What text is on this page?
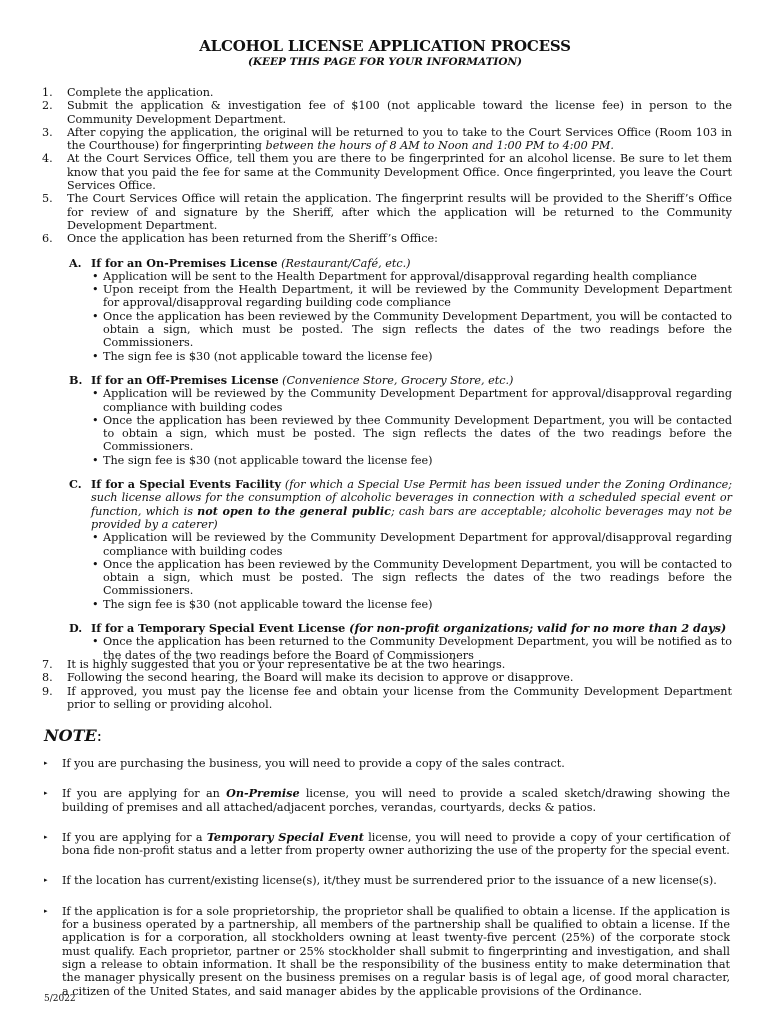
ALCOHOL LICENSE APPLICATION PROCESS
(KEEP THIS PAGE FOR YOUR INFORMATION)
1.	Complete the application.
2.	Submit the application & investigation fee of $100 (not applicable toward the license fee) in person to the Community Development Department.
3.	After copying the application, the original will be returned to you to take to the Court Services Office (Room 103 in the Courthouse) for fingerprinting between the hours of 8 AM to Noon and 1:00 PM to 4:00 PM.
4.	At the Court Services Office, tell them you are there to be fingerprinted for an alcohol license. Be sure to let them know that you paid the fee for same at the Community Development Office. Once fingerprinted, you leave the Court Services Office.
5.	The Court Services Office will retain the application. The fingerprint results will be provided to the Sheriff’s Office for review of and signature by the Sheriff, after which the application will be returned to the Community Development Department.
6.	Once the application has been returned from the Sheriff’s Office:
A. If for an On-Premises License (Restaurant/Café, etc.)
• Application will be sent to the Health Department for approval/disapproval regarding health compliance
• Upon receipt from the Health Department, it will be reviewed by the Community Development Department for approval/disapproval regarding building code compliance
• Once the application has been reviewed by the Community Development Department, you will be contacted to obtain a sign, which must be posted. The sign reflects the dates of the two readings before the Commissioners.
• The sign fee is $30 (not applicable toward the license fee)
B. If for an Off-Premises License (Convenience Store, Grocery Store, etc.)
• Application will be reviewed by the Community Development Department for approval/disapproval regarding compliance with building codes
• Once the application has been reviewed by thee Community Development Department, you will be contacted to obtain a sign, which must be posted. The sign reflects the dates of the two readings before the Commissioners.
• The sign fee is $30 (not applicable toward the license fee)
C. If for a Special Events Facility (for which a Special Use Permit has been issued under the Zoning Ordinance; such license allows for the consumption of alcoholic beverages in connection with a scheduled special event or function, which is not open to the general public; cash bars are acceptable; alcoholic beverages may not be provided by a caterer)
• Application will be reviewed by the Community Development Department for approval/disapproval regarding compliance with building codes
• Once the application has been reviewed by the Community Development Department, you will be contacted to obtain a sign, which must be posted. The sign reflects the dates of the two readings before the Commissioners.
• The sign fee is $30 (not applicable toward the license fee)
D. If for a Temporary Special Event License (for non-profit organizations; valid for no more than 2 days)
• Once the application has been returned to the Community Development Department, you will be notified as to the dates of the two readings before the Board of Commissioners
7.	It is highly suggested that you or your representative be at the two hearings.
8.	Following the second hearing, the Board will make its decision to approve or disapprove.
9.	If approved, you must pay the license fee and obtain your license from the Community Development Department prior to selling or providing alcohol.
NOTE:
▸	If you are purchasing the business, you will need to provide a copy of the sales contract.
▸	If you are applying for an On-Premise license, you will need to provide a scaled sketch/drawing showing the building of premises and all attached/adjacent porches, verandas, courtyards, decks & patios.
▸	If you are applying for a Temporary Special Event license, you will need to provide a copy of your certification of bona fide non-profit status and a letter from property owner authorizing the use of the property for the special event.
▸	If the location has current/existing license(s), it/they must be surrendered prior to the issuance of a new license(s).
▸	If the application is for a sole proprietorship, the proprietor shall be qualified to obtain a license. If the application is for a business operated by a partnership, all members of the partnership shall be qualified to obtain a license. If the application is for a corporation, all stockholders owning at least twenty-five percent (25%) of the corporate stock must qualify. Each proprietor, partner or 25% stockholder shall submit to fingerprinting and investigation, and shall sign a release to obtain information. It shall be the responsibility of the business entity to make determination that the manager physically present on the business premises on a regular basis is of legal age, of good moral character, a citizen of the United States, and said manager abides by the applicable provisions of the Ordinance.
5/2022
